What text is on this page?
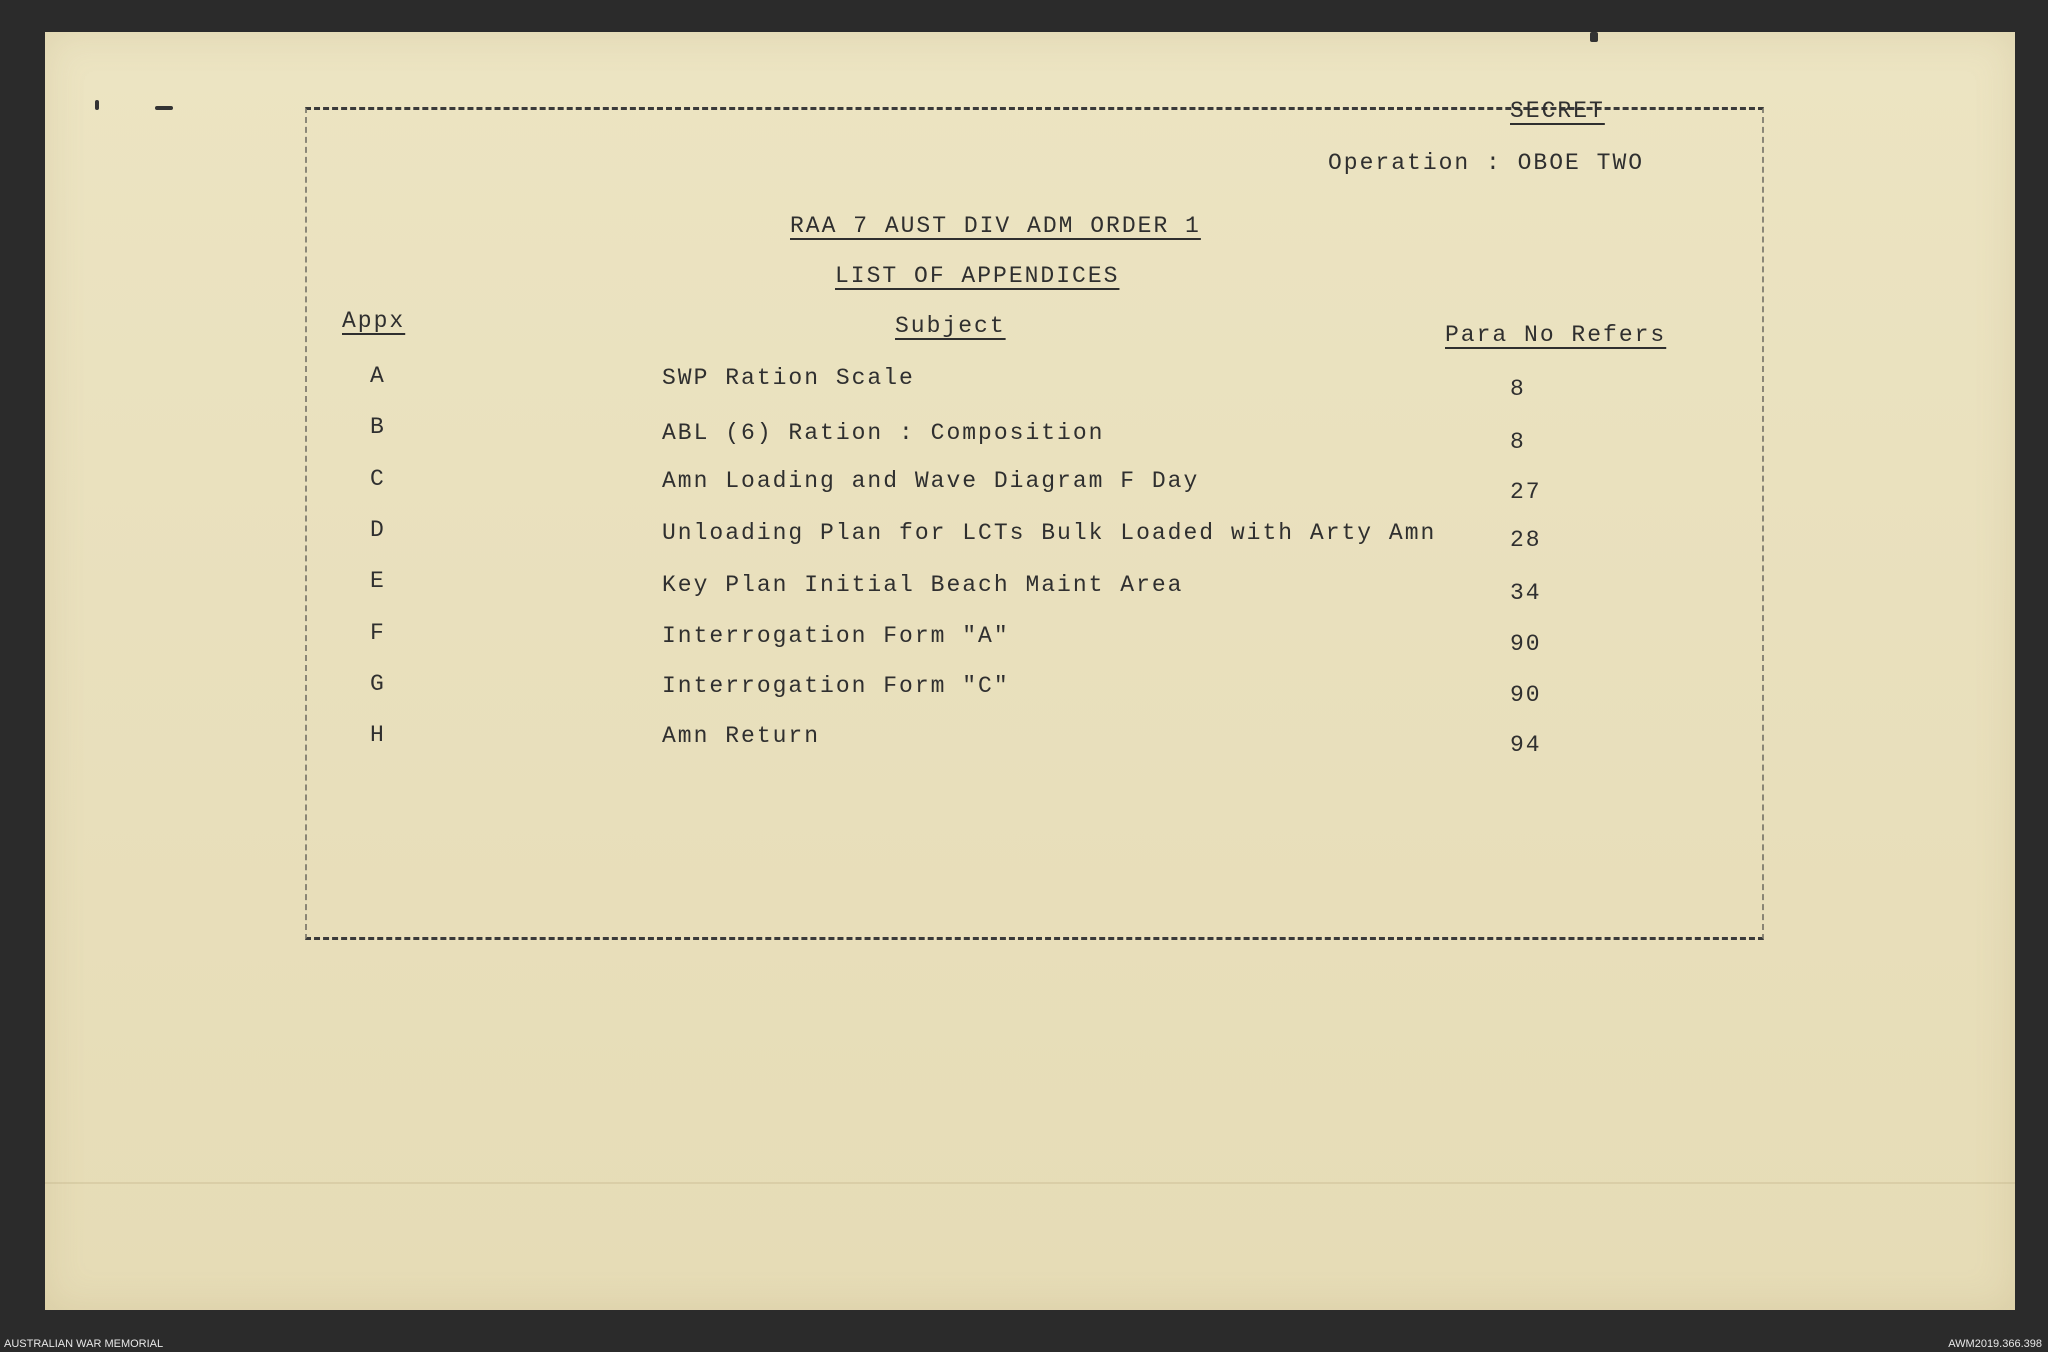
SECRET
Operation : OBOE TWO
RAA 7 AUST DIV ADM ORDER 1
LIST OF APPENDICES
Appx	Subject	Para No Refers
A	SWP Ration Scale	8
B	ABL (6) Ration : Composition	8
C	Amn Loading and Wave Diagram F Day	27
D	Unloading Plan for LCTs Bulk Loaded with Arty Amn	28
E	Key Plan Initial Beach Maint Area	34
F	Interrogation Form "A"	90
G	Interrogation Form "C"	90
H	Amn Return	94
AUSTRALIAN WAR MEMORIAL	AWM2019.366.398
